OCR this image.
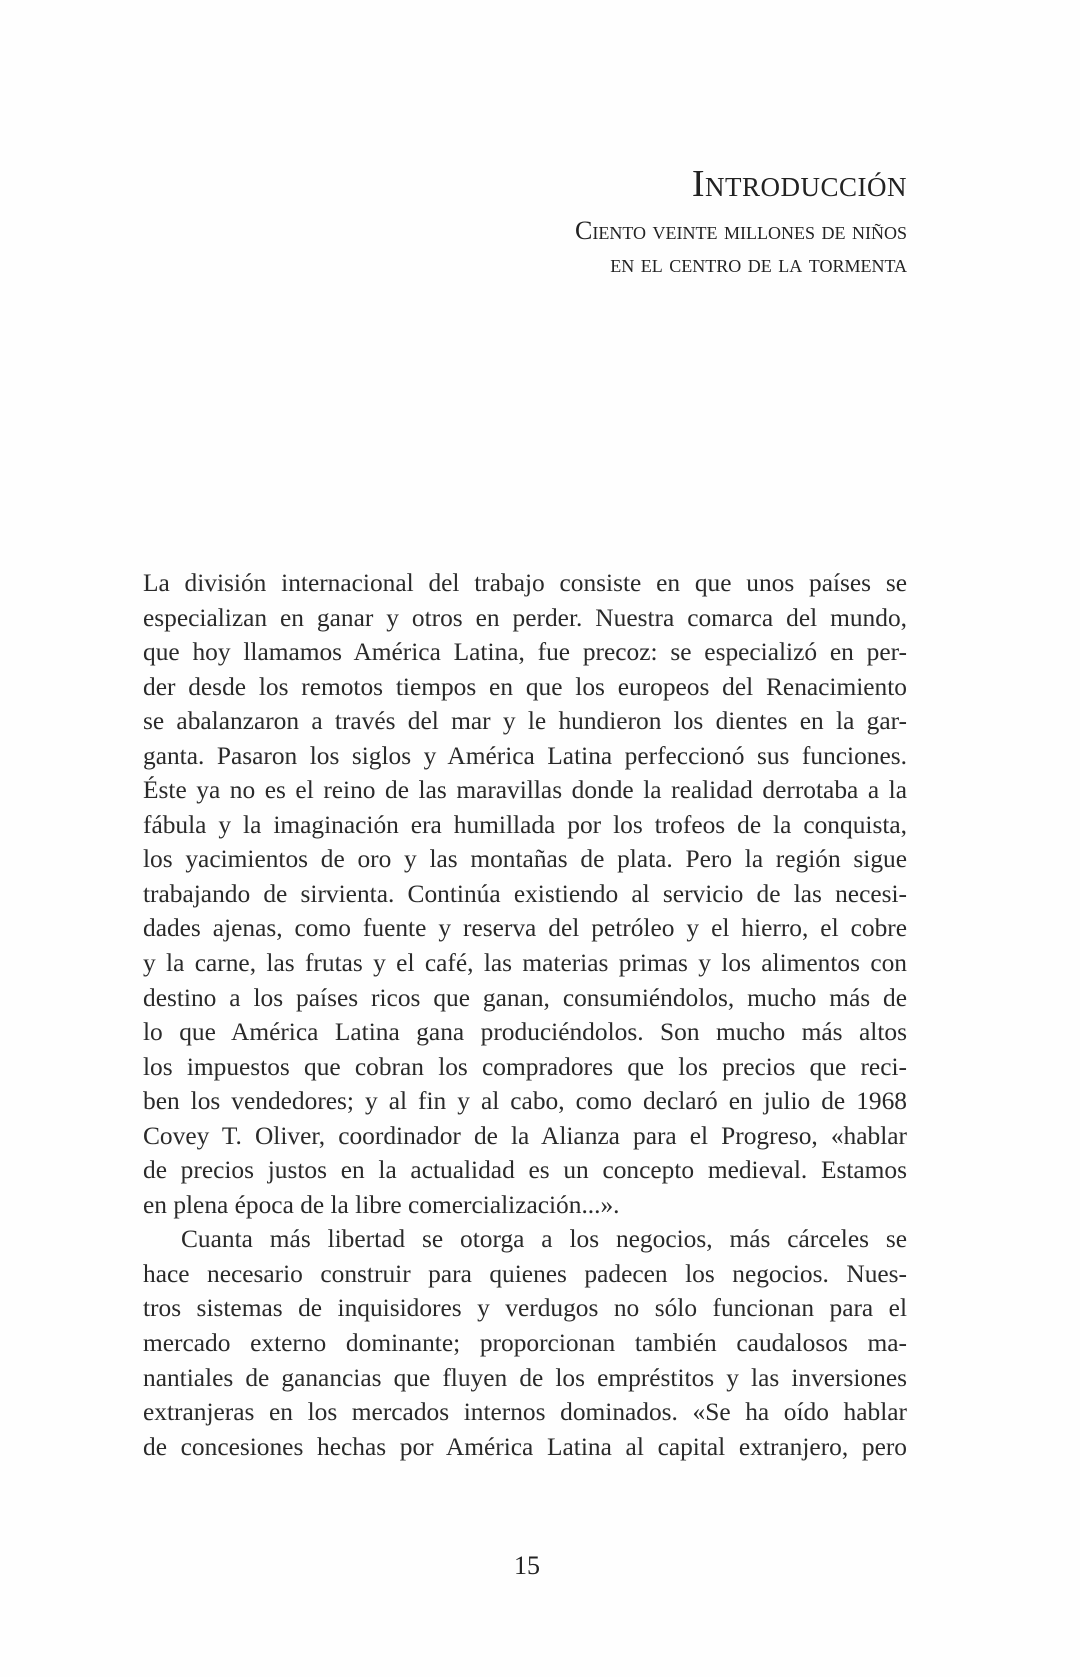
Introducción
Ciento veinte millones de niños
en el centro de la tormenta
La división internacional del trabajo consiste en que unos países se
especializan en ganar y otros en perder. Nuestra comarca del mundo,
que hoy llamamos América Latina, fue precoz: se especializó en per-
der desde los remotos tiempos en que los europeos del Renacimiento
se abalanzaron a través del mar y le hundieron los dientes en la gar-
ganta. Pasaron los siglos y América Latina perfeccionó sus funciones.
Éste ya no es el reino de las maravillas donde la realidad derrotaba a la
fábula y la imaginación era humillada por los trofeos de la conquista,
los yacimientos de oro y las montañas de plata. Pero la región sigue
trabajando de sirvienta. Continúa existiendo al servicio de las necesi-
dades ajenas, como fuente y reserva del petróleo y el hierro, el cobre
y la carne, las frutas y el café, las materias primas y los alimentos con
destino a los países ricos que ganan, consumiéndolos, mucho más de
lo que América Latina gana produciéndolos. Son mucho más altos
los impuestos que cobran los compradores que los precios que reci-
ben los vendedores; y al fin y al cabo, como declaró en julio de 1968
Covey T. Oliver, coordinador de la Alianza para el Progreso, «hablar
de precios justos en la actualidad es un concepto medieval. Estamos
en plena época de la libre comercialización...».
Cuanta más libertad se otorga a los negocios, más cárceles se
hace necesario construir para quienes padecen los negocios. Nues-
tros sistemas de inquisidores y verdugos no sólo funcionan para el
mercado externo dominante; proporcionan también caudalosos ma-
nantiales de ganancias que fluyen de los empréstitos y las inversiones
extranjeras en los mercados internos dominados. «Se ha oído hablar
de concesiones hechas por América Latina al capital extranjero, pero
15
